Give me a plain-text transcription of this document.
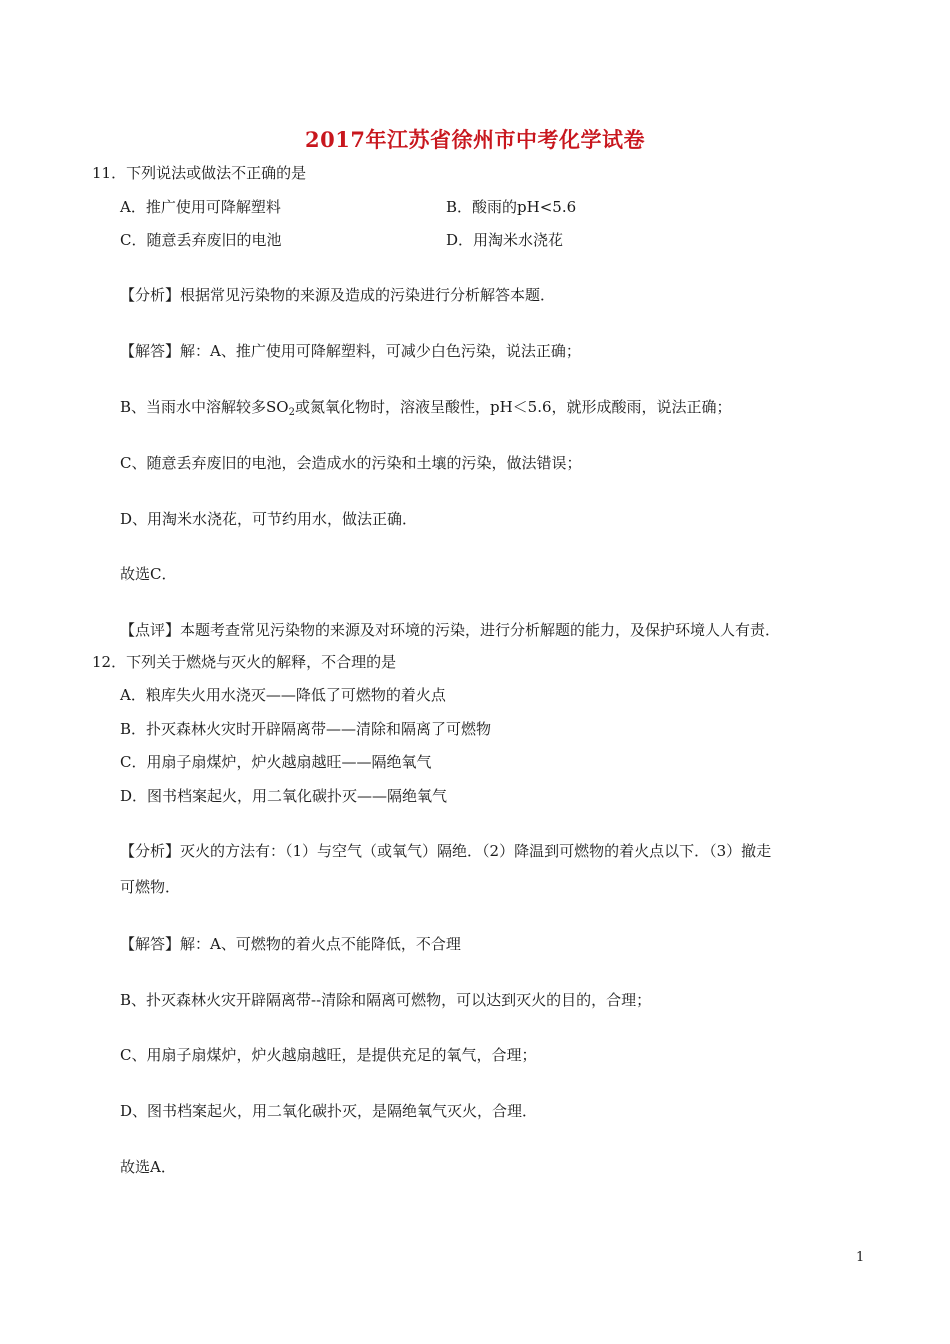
2017年江苏省徐州市中考化学试卷
11．下列说法或做法不正确的是
A．推广使用可降解塑料	B．酸雨的pH<5.6
C．随意丢弃废旧的电池	D．用淘米水浇花
【分析】根据常见污染物的来源及造成的污染进行分析解答本题．
【解答】解：A、推广使用可降解塑料，可减少白色污染，说法正确；
B、当雨水中溶解较多$SO_2$或氮氧化物时，溶液呈酸性，pH＜5.6，就形成酸雨，说法正确；
C、随意丢弃废旧的电池，会造成水的污染和土壤的污染，做法错误；
D、用淘米水浇花，可节约用水，做法正确．
故选C．
【点评】本题考查常见污染物的来源及对环境的污染，进行分析解题的能力，及保护环境人人有责．
12．下列关于燃烧与灭火的解释，不合理的是
A．粮库失火用水浇灭——降低了可燃物的着火点
B．扑灭森林火灾时开辟隔离带——清除和隔离了可燃物
C．用扇子扇煤炉，炉火越扇越旺——隔绝氧气
D．图书档案起火，用二氧化碳扑灭——隔绝氧气
【分析】灭火的方法有：（1）与空气（或氧气）隔绝．（2）降温到可燃物的着火点以下．（3）撤走
可燃物．
【解答】解：A、可燃物的着火点不能降低，不合理
B、扑灭森林火灾开辟隔离带--清除和隔离可燃物，可以达到灭火的目的，合理；
C、用扇子扇煤炉，炉火越扇越旺，是提供充足的氧气，合理；
D、图书档案起火，用二氧化碳扑灭，是隔绝氧气灭火，合理．
故选A．
1
